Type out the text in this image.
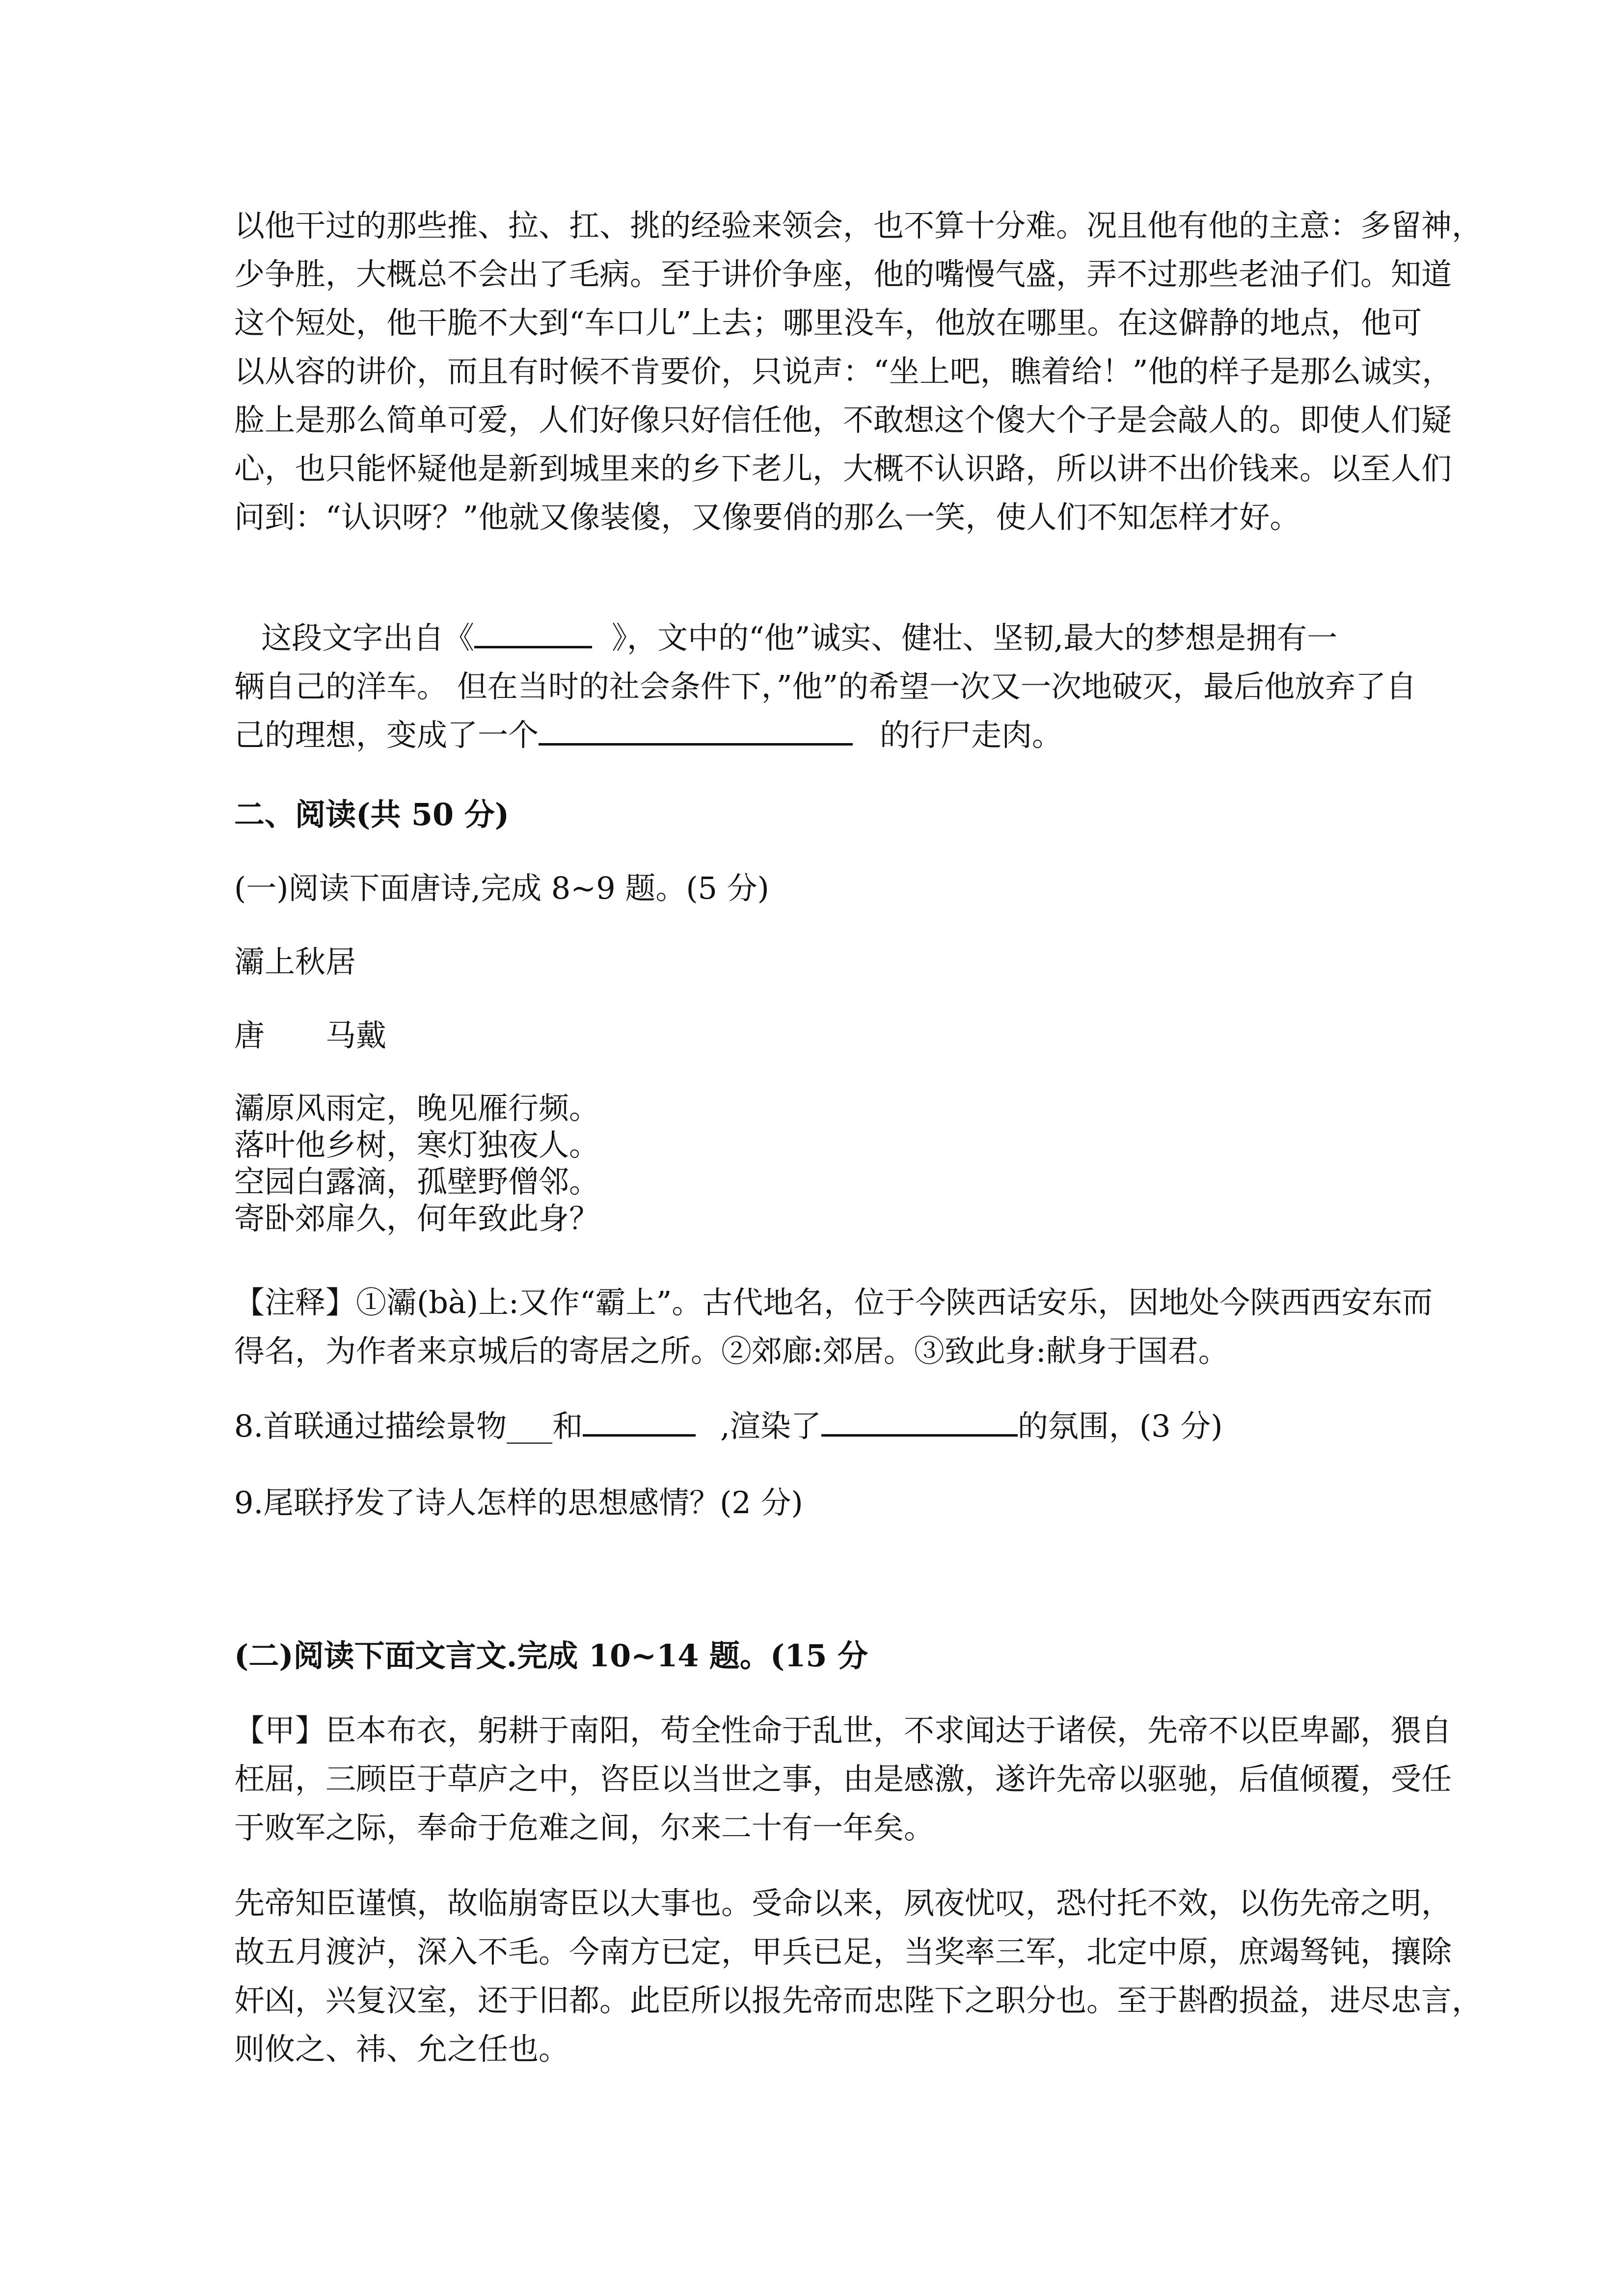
以他干过的那些推、拉、扛、挑的经验来领会，也不算十分难。况且他有他的主意：多留神，
少争胜，大概总不会出了毛病。至于讲价争座，他的嘴慢气盛，弄不过那些老油子们。知道
这个短处，他干脆不大到“车口儿”上去；哪里没车，他放在哪里。在这僻静的地点，他可
以从容的讲价，而且有时候不肯要价，只说声：“坐上吧，瞧着给！”他的样子是那么诚实，
脸上是那么简单可爱，人们好像只好信任他，不敢想这个傻大个子是会敲人的。即使人们疑
心，也只能怀疑他是新到城里来的乡下老儿，大概不认识路，所以讲不出价钱来。以至人们
问到：“认识呀？”他就又像装傻，又像要俏的那么一笑，使人们不知怎样才好。
这段文字出自《	》，文中的“他”诚实、健壮、坚韧,最大的梦想是拥有一
辆自己的洋车。 但在当时的社会条件下，”他”的希望一次又一次地破灭，最后他放弃了自
己的理想，变成了一个	的行尸走肉。
二、阅读(共 50 分)
(一)阅读下面唐诗,完成 8~9 题。(5 分)
灞上秋居
唐　　马戴
灞原风雨定，晚见雁行频。
落叶他乡树，寒灯独夜人。
空园白露滴，孤壁野僧邻。
寄卧郊扉久，何年致此身？
【注释】①灞(bà)上:又作“霸上”。古代地名，位于今陕西话安乐，因地处今陕西西安东而
得名，为作者来京城后的寄居之所。②郊廊:郊居。③致此身:献身于国君。
8.首联通过描绘景物___和	,渲染了	的氛围，(3 分)
9.尾联抒发了诗人怎样的思想感情？(2 分)
(二)阅读下面文言文.完成 10~14 题。(15 分
【甲】臣本布衣，躬耕于南阳，苟全性命于乱世，不求闻达于诸侯，先帝不以臣卑鄙，猥自
枉屈，三顾臣于草庐之中，咨臣以当世之事，由是感激，遂许先帝以驱驰，后值倾覆，受任
于败军之际，奉命于危难之间，尔来二十有一年矣。
先帝知臣谨慎，故临崩寄臣以大事也。受命以来，夙夜忧叹，恐付托不效，以伤先帝之明，
故五月渡泸，深入不毛。今南方已定，甲兵已足，当奖率三军，北定中原，庶竭驽钝，攘除
奸凶，兴复汉室，还于旧都。此臣所以报先帝而忠陛下之职分也。至于斟酌损益，进尽忠言，
则攸之、祎、允之任也。
